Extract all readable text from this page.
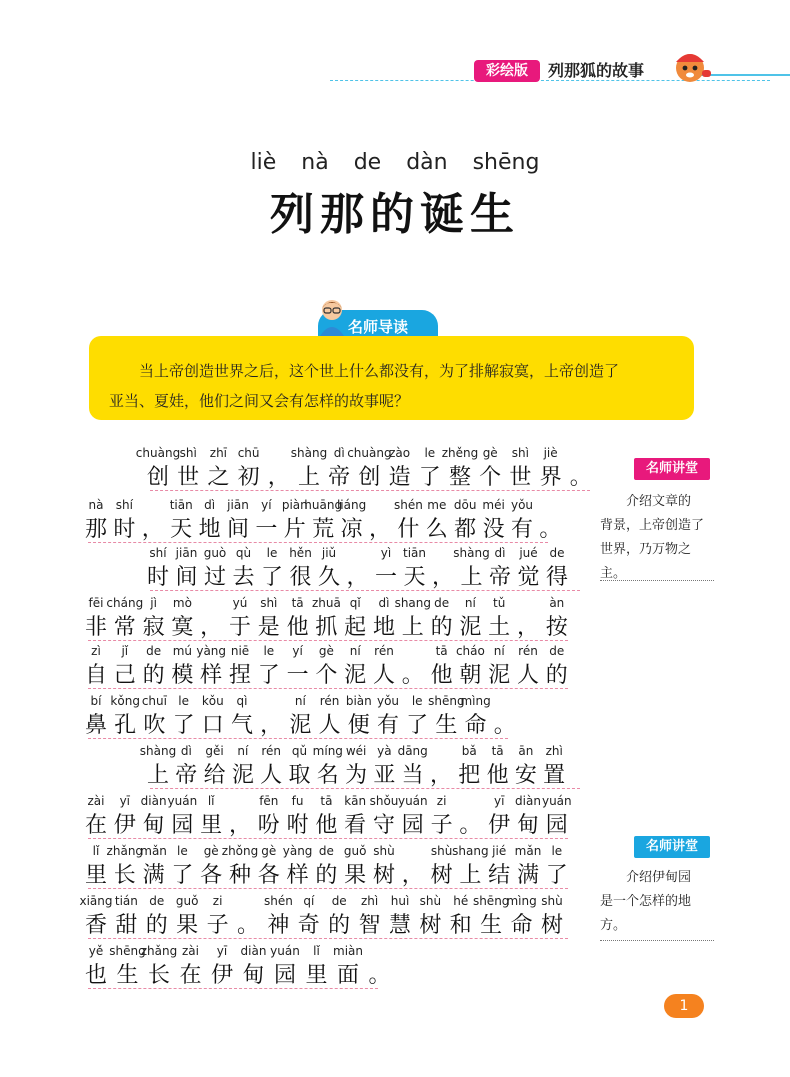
彩绘版	列那狐的故事
liè nà de dàn shēng
列那的诞生
名师导读
当上帝创造世界之后，这个世上什么都没有，为了排解寂寞，上帝创造了
亚当、夏娃，他们之间又会有怎样的故事呢？
chuàng
创
shì
世
zhī
之
chū
初 ，
shàng
上
dì
帝
chuàng
创
zào
造
le
了
zhěng
整
gè
个
shì
世
jiè
界 。
nà
那
shí
时 ，
tiān
天
dì
地
jiān
间
yí
一
piàn
片
huāng
荒
liáng
凉 ，
shén
什
me
么
dōu
都
méi
没
yǒu
有 。
shí
时
jiān
间
guò
过
qù
去
le
了
hěn
很
jiǔ
久 ，
yì
一
tiān
天 ，
shàng
上
dì
帝
jué
觉
de
得
fēi
非
cháng
常
jì
寂
mò
寞 ，
yú
于
shì
是
tā
他
zhuā
抓
qǐ
起
dì
地
shang
上
de
的
ní
泥
tǔ
土 ，
àn
按
zì
自
jǐ
己
de
的
mú
模
yàng
样
niē
捏
le
了
yí
一
gè
个
ní
泥
rén
人 。
tā
他
cháo
朝
ní
泥
rén
人
de
的
bí
鼻
kǒng
孔
chuī
吹
le
了
kǒu
口
qì
气 ，
ní
泥
rén
人
biàn
便
yǒu
有
le
了
shēng
生
mìng
命 。
shàng
上
dì
帝
gěi
给
ní
泥
rén
人
qǔ
取
míng
名
wéi
为
yà
亚
dāng
当 ，
bǎ
把
tā
他
ān
安
zhì
置
zài
在
yī
伊
diàn
甸
yuán
园
lǐ
里 ，
fēn
吩
fu
咐
tā
他
kān
看
shǒu
守
yuán
园
zi
子 。
yī
伊
diàn
甸
yuán
园
lǐ
里
zhǎng
长
mǎn
满
le
了
gè
各
zhǒng
种
gè
各
yàng
样
de
的
guǒ
果
shù
树 ，
shù
树
shang
上
jié
结
mǎn
满
le
了
xiāng
香
tián
甜
de
的
guǒ
果
zi
子 。
shén
神
qí
奇
de
的
zhì
智
huì
慧
shù
树
hé
和
shēng
生
mìng
命
shù
树
yě
也
shēng
生
zhǎng
长
zài
在
yī
伊
diàn
甸
yuán
园
lǐ
里
miàn
面 。
名师讲堂
介绍文章的
背景，上帝创造了
世界，乃万物之
主。
名师讲堂
介绍伊甸园
是一个怎样的地
方。
1
